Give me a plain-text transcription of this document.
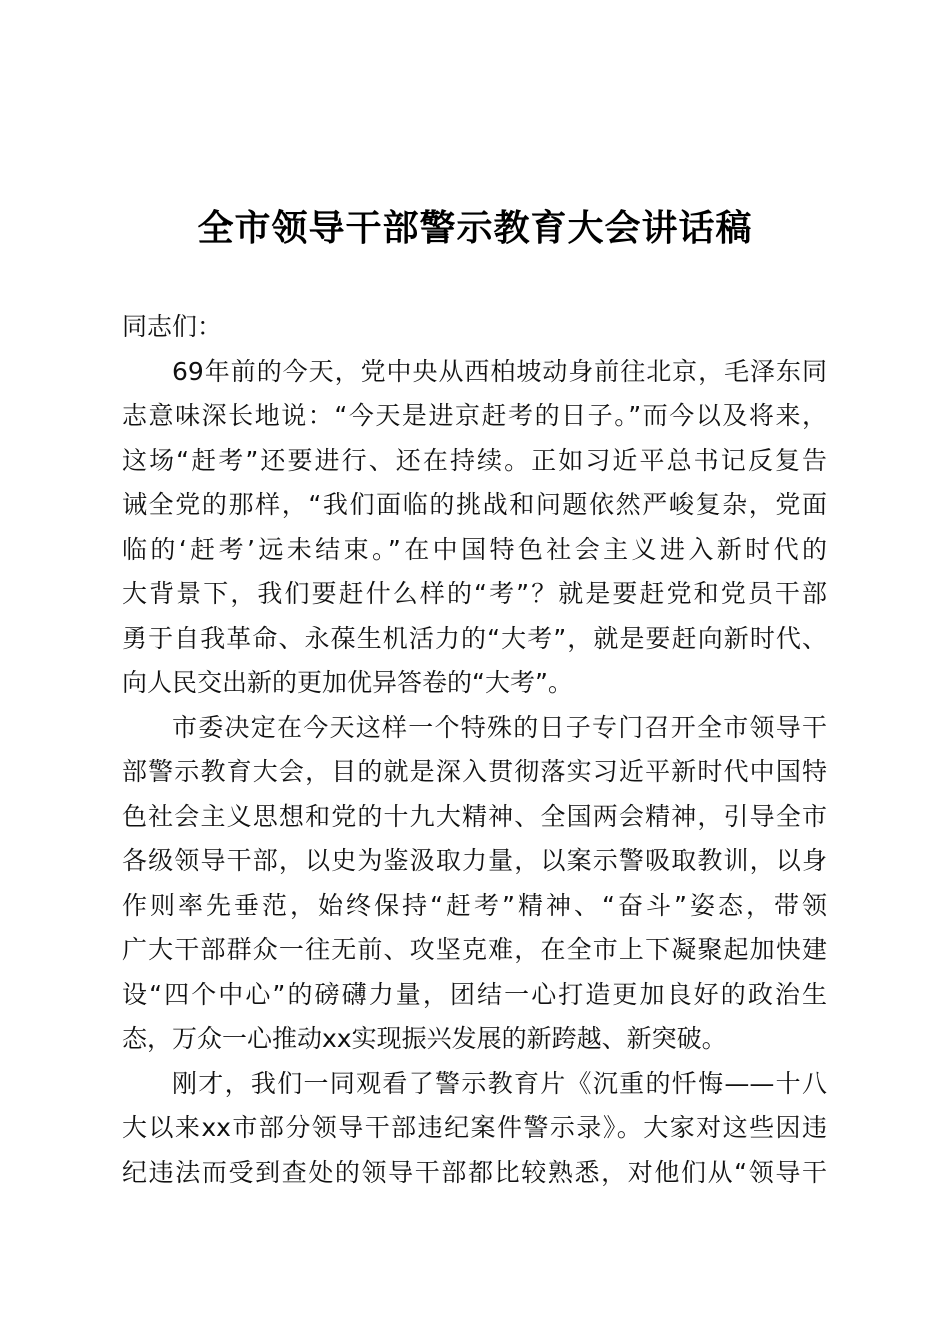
全市领导干部警示教育大会讲话稿
同志们：
69年前的今天，党中央从西柏坡动身前往北京，毛泽东同
志意味深长地说：“今天是进京赶考的日子。”而今以及将来，
这场“赶考”还要进行、还在持续。正如习近平总书记反复告
诫全党的那样，“我们面临的挑战和问题依然严峻复杂，党面
临的‘赶考’远未结束。”在中国特色社会主义进入新时代的
大背景下，我们要赶什么样的“考”？就是要赶党和党员干部
勇于自我革命、永葆生机活力的“大考”，就是要赶向新时代、
向人民交出新的更加优异答卷的“大考”。
市委决定在今天这样一个特殊的日子专门召开全市领导干
部警示教育大会，目的就是深入贯彻落实习近平新时代中国特
色社会主义思想和党的十九大精神、全国两会精神，引导全市
各级领导干部，以史为鉴汲取力量，以案示警吸取教训，以身
作则率先垂范，始终保持“赶考”精神、“奋斗”姿态，带领
广大干部群众一往无前、攻坚克难，在全市上下凝聚起加快建
设“四个中心”的磅礴力量，团结一心打造更加良好的政治生
态，万众一心推动xx实现振兴发展的新跨越、新突破。
刚才，我们一同观看了警示教育片《沉重的忏悔——十八
大以来xx市部分领导干部违纪案件警示录》。大家对这些因违
纪违法而受到查处的领导干部都比较熟悉，对他们从“领导干
